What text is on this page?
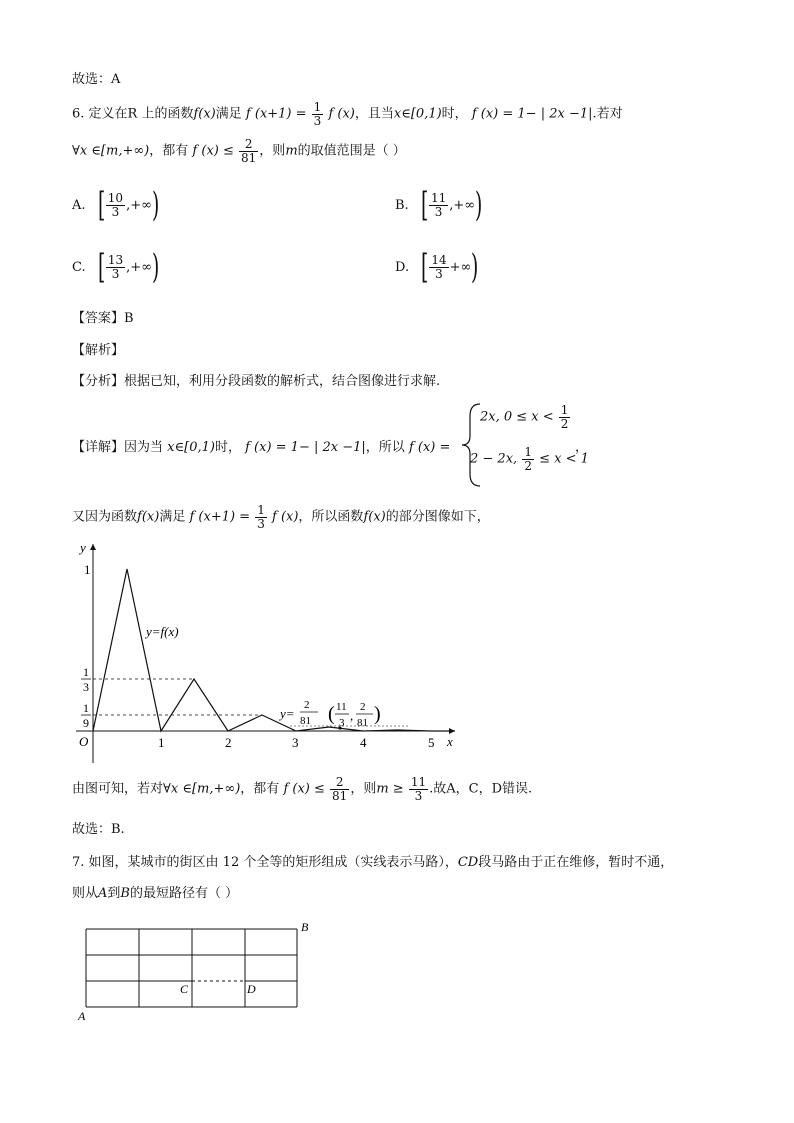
故选：A
6. 定义在R 上的函数f(x)满足 f $(x+1) = \frac{1}{3}$ f (x)，且当x∈[0,1)时， f (x) = 1− | 2x −1|.若对
∀x ∈[m,+∞)，都有 f $(x) \le \frac{2}{81}$ ，则m的取值范围是（ ）
A. [ $\frac{10}{3}$ ,+∞ )	B. [ $\frac{11}{3}$ ,+∞ )
C. [ $\frac{13}{3}$ ,+∞ )	D. [ $\frac{14}{3}$ +∞ )
【答案】B
【解析】
【分析】根据已知，利用分段函数的解析式，结合图像进行求解.
【详解】因为当 x∈[0,1)时， f (x) = 1− | 2x −1|，所以 f (x) =
2x, $0 \le x < \frac{1}{2}$
，
2 − 2x, $\frac{1}{2} \le x < 1$
又因为函数f(x)满足 f $(x+1) = \frac{1}{3}$ f (x)，所以函数f(x)的部分图像如下，
y
x
O	1	2	3	4	5
1
1
3
1
9
y=f(x)
y=
2
81 ( 11
3 ,
2
81 )
由图可知，若对∀x ∈[m,+∞)，都有 f $(x) \le \frac{2}{81}$ ，则$m \ge \frac{11}{3}$ .故A，C，D错误.
故选：B.
7. 如图，某城市的街区由 12 个全等的矩形组成（实线表示马路），CD段马路由于正在维修，暂时不通，
则从A到B的最短路径有（ ）
A
B
C	D
